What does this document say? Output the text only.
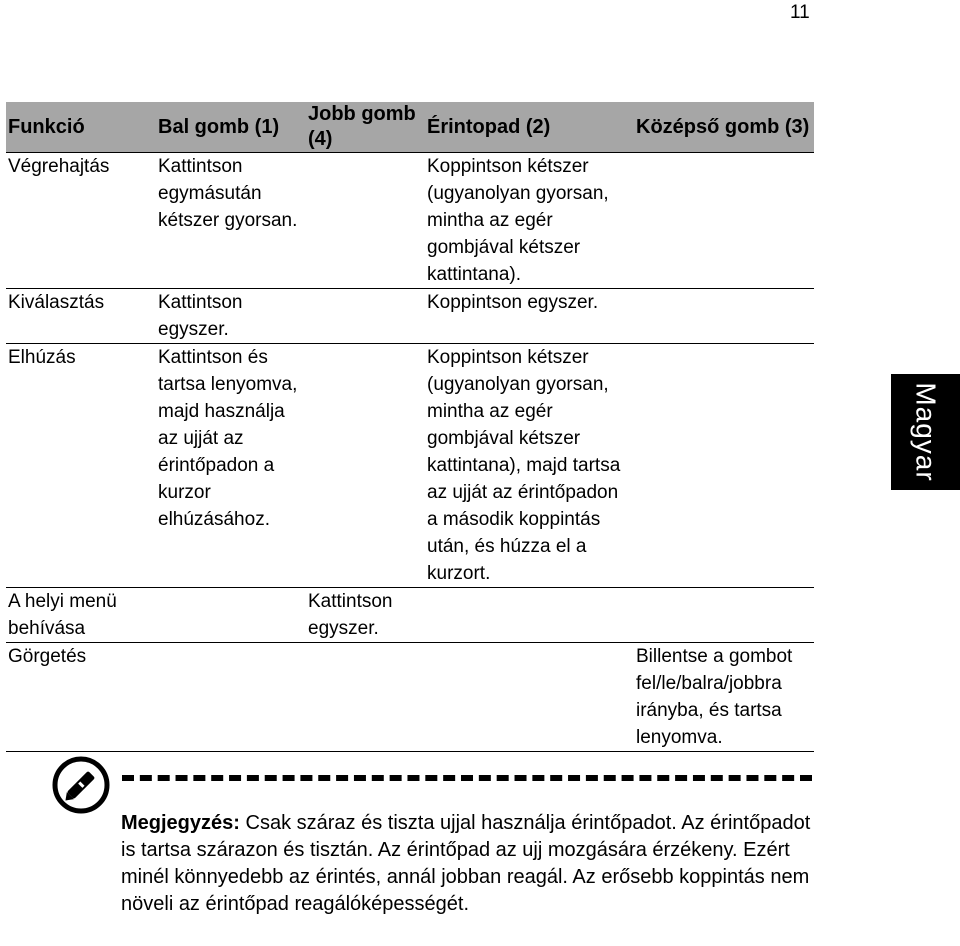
11
Funkció	Bal gomb (1)	Jobb gomb (4)	Érintopad (2)	Középső gomb (3)
Végrehajtás	Kattintson egymásután kétszer gyorsan.		Koppintson kétszer (ugyanolyan gyorsan, mintha az egér gombjával kétszer kattintana).	
Kiválasztás	Kattintson egyszer.		Koppintson egyszer.	
Elhúzás	Kattintson és tartsa lenyomva, majd használja az ujját az érintőpadon a kurzor elhúzásához.		Koppintson kétszer (ugyanolyan gyorsan, mintha az egér gombjával kétszer kattintana), majd tartsa az ujját az érintőpadon a második koppintás után, és húzza el a kurzort.	
A helyi menü behívása		Kattintson egyszer.		
Görgetés				Billentse a gombot fel/le/balra/jobbra irányba, és tartsa lenyomva.
Magyar
Megjegyzés: Csak száraz és tiszta ujjal használja érintőpadot. Az érintőpadot is tartsa szárazon és tisztán. Az érintőpad az ujj mozgására érzékeny. Ezért minél könnyedebb az érintés, annál jobban reagál. Az erősebb koppintás nem növeli az érintőpad reagálóképességét.
